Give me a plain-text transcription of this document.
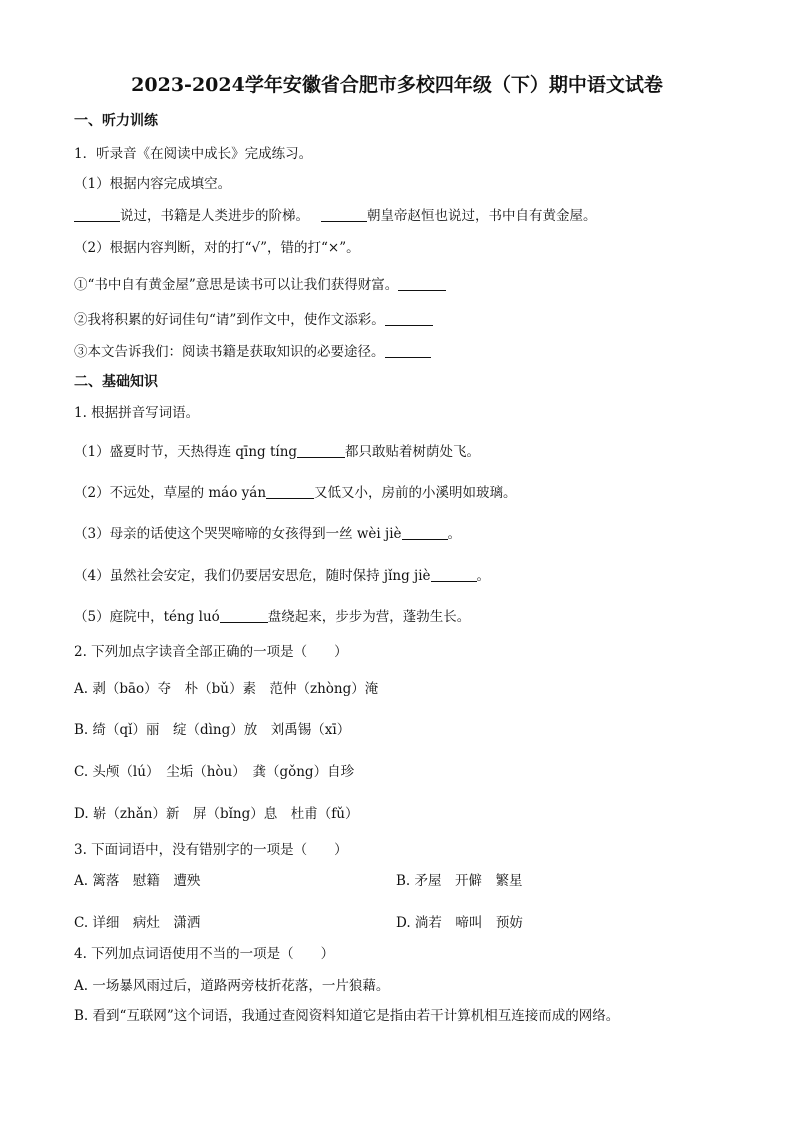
2023-2024学年安徽省合肥市多校四年级（下）期中语文试卷
一、听力训练
1．听录音《在阅读中成长》完成练习。
（1）根据内容完成填空。
说过，书籍是人类进步的阶梯。	朝皇帝赵恒也说过，书中自有黄金屋。
（2）根据内容判断，对的打“√”，错的打“×”。
①“书中自有黄金屋”意思是读书可以让我们获得财富。
②我将积累的好词佳句“请”到作文中，使作文添彩。
③本文告诉我们：阅读书籍是获取知识的必要途径。
二、基础知识
1. 根据拼音写词语。
（1）盛夏时节，天热得连 qīng tíng	都只敢贴着树荫处飞。
（2）不远处，草屋的 máo yán	又低又小，房前的小溪明如玻璃。
（3）母亲的话使这个哭哭啼啼的女孩得到一丝 wèi jiè	。
（4）虽然社会安定，我们仍要居安思危，随时保持 jǐng jiè	。
（5）庭院中，téng luó	盘绕起来，步步为营，蓬勃生长。
2. 下列加点字读音全部正确的一项是（　　）
A. 剥（bāo）夺　朴（bǔ）素　范仲（zhòng）淹
B. 绮（qǐ）丽　绽（dìng）放　刘禹锡（xī）
C. 头颅（lú）　尘垢（hòu）　龚（gǒng）自珍
D. 崭（zhǎn）新　屏（bǐng）息　杜甫（fǔ）
3. 下面词语中，没有错别字的一项是（　　）
A. 篱落　慰籍　遭殃	B. 矛屋　开僻　繁星
C. 详细　病灶　潇洒	D. 淌若　啼叫　预妨
4. 下列加点词语使用不当的一项是（　　）
A. 一场暴风雨过后，道路两旁枝折花落，一片狼藉。
B. 看到“互联网”这个词语，我通过查阅资料知道它是指由若干计算机相互连接而成的网络。
